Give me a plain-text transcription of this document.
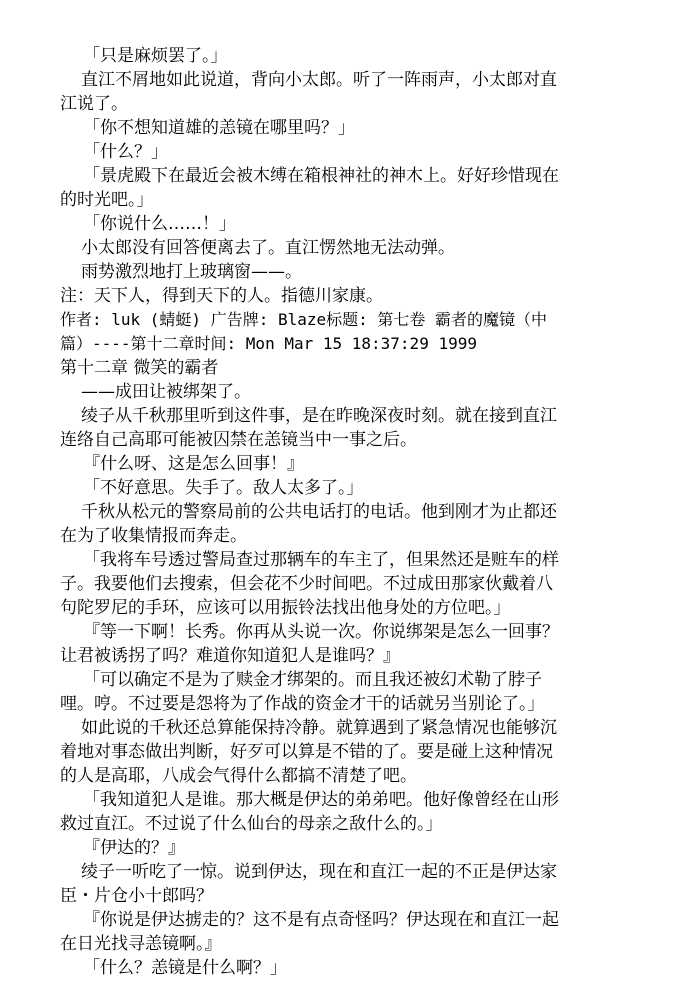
「只是麻烦罢了。」
直江不屑地如此说道，背向小太郎。听了一阵雨声，小太郎对直
江说了。
「你不想知道雄的恙镜在哪里吗？」
「什么？」
「景虎殿下在最近会被木缚在箱根神社的神木上。好好珍惜现在
的时光吧。」
「你说什么……！」
小太郎没有回答便离去了。直江愣然地无法动弹。
雨势激烈地打上玻璃窗——。
注：天下人，得到天下的人。指德川家康。
作者: luk (蜻蜓) 广告牌: Blaze标题: 第七卷 霸者的魔镜（中
篇）----第十二章时间: Mon Mar 15 18:37:29 1999
第十二章 微笑的霸者
——成田让被绑架了。
绫子从千秋那里听到这件事，是在昨晚深夜时刻。就在接到直江
连络自己高耶可能被囚禁在恙镜当中一事之后。
『什么呀、这是怎么回事！』
「不好意思。失手了。敌人太多了。」
千秋从松元的警察局前的公共电话打的电话。他到刚才为止都还
在为了收集情报而奔走。
「我将车号透过警局查过那辆车的车主了，但果然还是赃车的样
子。我要他们去搜索，但会花不少时间吧。不过成田那家伙戴着八
句陀罗尼的手环，应该可以用振铃法找出他身处的方位吧。」
『等一下啊！长秀。你再从头说一次。你说绑架是怎么一回事？
让君被诱拐了吗？难道你知道犯人是谁吗？』
「可以确定不是为了赎金才绑架的。而且我还被幻术勒了脖子
哩。哼。不过要是怨将为了作战的资金才干的话就另当别论了。」
如此说的千秋还总算能保持冷静。就算遇到了紧急情况也能够沉
着地对事态做出判断，好歹可以算是不错的了。要是碰上这种情况
的人是高耶，八成会气得什么都搞不清楚了吧。
「我知道犯人是谁。那大概是伊达的弟弟吧。他好像曾经在山形
救过直江。不过说了什么仙台的母亲之敌什么的。」
『伊达的？』
绫子一听吃了一惊。说到伊达，现在和直江一起的不正是伊达家
臣・片仓小十郎吗？
『你说是伊达掳走的？这不是有点奇怪吗？伊达现在和直江一起
在日光找寻恙镜啊。』
「什么？恙镜是什么啊？」
